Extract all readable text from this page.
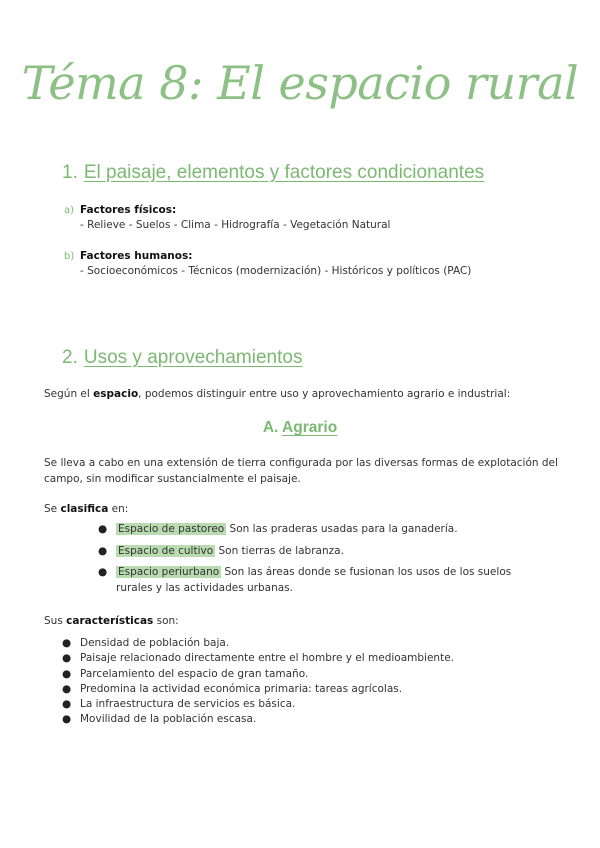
Téma 8: El espacio rural
1. El paisaje, elementos y factores condicionantes
a) Factores físicos:
- Relieve - Suelos - Clima - Hidrografía - Vegetación Natural
b) Factores humanos:
- Socioeconómicos - Técnicos (modernización) - Históricos y políticos (PAC)
2. Usos y aprovechamientos
Según el espacio, podemos distinguir entre uso y aprovechamiento agrario e industrial:
A. Agrario
Se lleva a cabo en una extensión de tierra configurada por las diversas formas de explotación del campo, sin modificar sustancialmente el paisaje.
Se clasifica en:
● Espacio de pastoreo Son las praderas usadas para la ganadería.
● Espacio de cultivo Son tierras de labranza.
● Espacio periurbano Son las áreas donde se fusionan los usos de los suelos rurales y las actividades urbanas.
Sus características son:
● Densidad de población baja.
● Paisaje relacionado directamente entre el hombre y el medioambiente.
● Parcelamiento del espacio de gran tamaño.
● Predomina la actividad económica primaria: tareas agrícolas.
● La infraestructura de servicios es básica.
● Movilidad de la población escasa.
